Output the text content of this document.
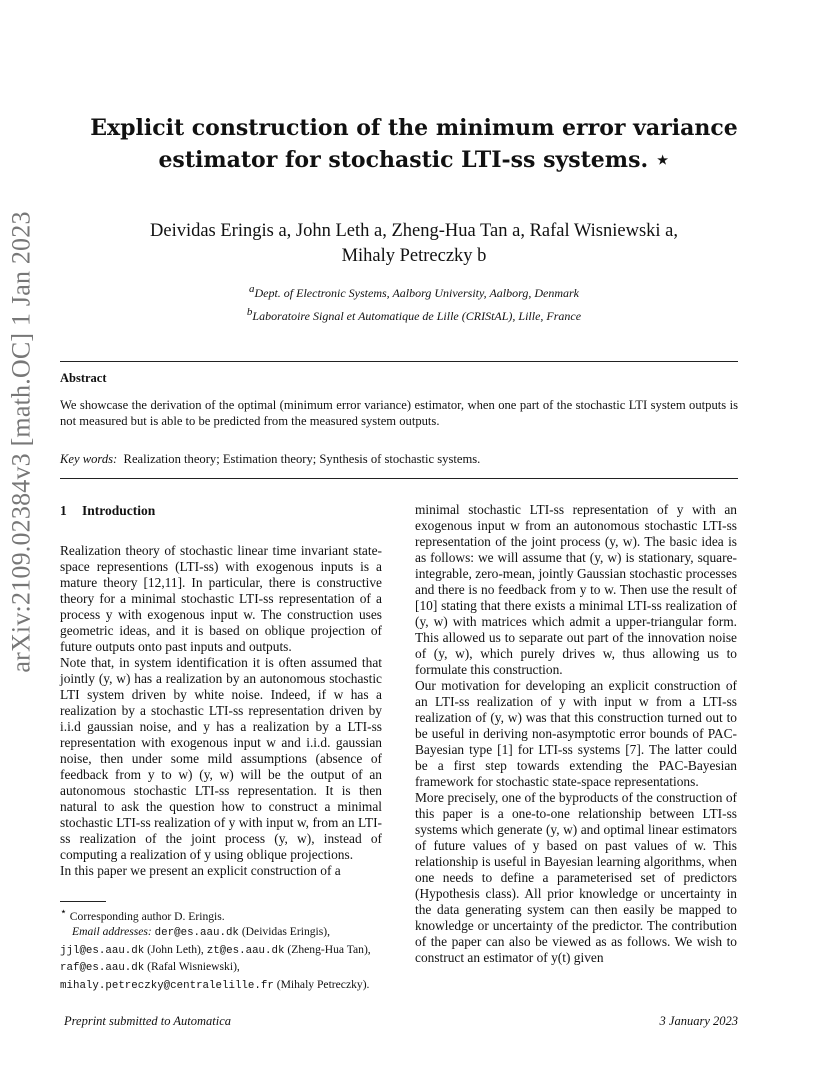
arXiv:2109.02384v3 [math.OC] 1 Jan 2023
Explicit construction of the minimum error variance
estimator for stochastic LTI-ss systems. ⋆
Deividas Eringis a, John Leth a, Zheng-Hua Tan a, Rafal Wisniewski a,
Mihaly Petreczky b
$^a$Dept. of Electronic Systems, Aalborg University, Aalborg, Denmark
$^b$Laboratoire Signal et Automatique de Lille (CRIStAL), Lille, France
Abstract
We showcase the derivation of the optimal (minimum error variance) estimator, when one part of the stochastic LTI system outputs is not measured but is able to be predicted from the measured system outputs.
Key words: Realization theory; Estimation theory; Synthesis of stochastic systems.
1 Introduction

Realization theory of stochastic linear time invariant state-space representions (LTI-ss) with exogenous inputs is a mature theory [12,11]. In particular, there is constructive theory for a minimal stochastic LTI-ss representation of a process y with exogenous input w. The construction uses geometric ideas, and it is based on oblique projection of future outputs onto past inputs and outputs.

Note that, in system identification it is often assumed that jointly (y, w) has a realization by an autonomous stochastic LTI system driven by white noise. Indeed, if w has a realization by a stochastic LTI-ss representation driven by i.i.d gaussian noise, and y has a realization by a LTI-ss representation with exogenous input w and i.i.d. gaussian noise, then under some mild assumptions (absence of feedback from y to w) (y, w) will be the output of an autonomous stochastic LTI-ss representation. It is then natural to ask the question how to construct a minimal stochastic LTI-ss realization of y with input w, from an LTI-ss realization of the joint process (y, w), instead of computing a realization of y using oblique projections.

In this paper we present an explicit construction of a

minimal stochastic LTI-ss representation of y with an exogenous input w from an autonomous stochastic LTI-ss representation of the joint process (y, w). The basic idea is as follows: we will assume that (y, w) is stationary, square-integrable, zero-mean, jointly Gaussian stochastic processes and there is no feedback from y to w. Then use the result of [10] stating that there exists a minimal LTI-ss realization of (y, w) with matrices which admit a upper-triangular form. This allowed us to separate out part of the innovation noise of (y, w), which purely drives w, thus allowing us to formulate this construction.

Our motivation for developing an explicit construction of an LTI-ss realization of y with input w from a LTI-ss realization of (y, w) was that this construction turned out to be useful in deriving non-asymptotic error bounds of PAC-Bayesian type [1] for LTI-ss systems [7]. The latter could be a first step towards extending the PAC-Bayesian framework for stochastic state-space representations.

More precisely, one of the byproducts of the construction of this paper is a one-to-one relationship between LTI-ss systems which generate (y, w) and optimal linear estimators of future values of y based on past values of w. This relationship is useful in Bayesian learning algorithms, when one needs to define a parameterised set of predictors (Hypothesis class). All prior knowledge or uncertainty in the data generating system can then easily be mapped to knowledge or uncertainty of the predictor. The contribution of the paper can also be viewed as as follows. We wish to construct an estimator of y(t) given

⋆ Corresponding author D. Eringis.

Email addresses: der@es.aau.dk (Deividas Eringis), jjl@es.aau.dk (John Leth), zt@es.aau.dk (Zheng-Hua Tan), raf@es.aau.dk (Rafal Wisniewski), mihaly.petreczky@centralelille.fr (Mihaly Petreczky).

Preprint submitted to Automatica	3 January 2023
